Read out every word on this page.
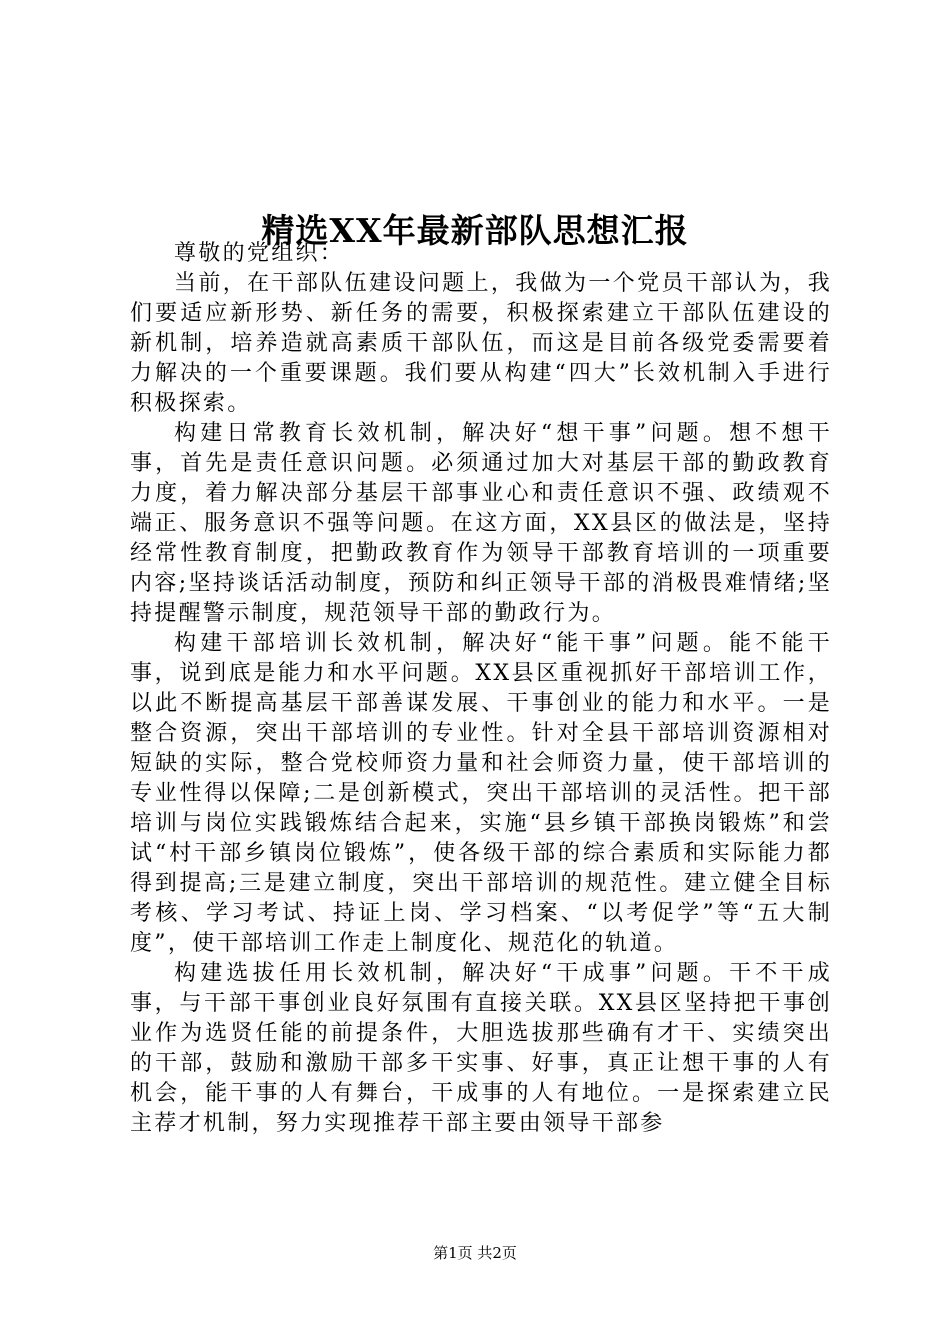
精选XX年最新部队思想汇报

尊敬的党组织：

当前，在干部队伍建设问题上，我做为一个党员干部认为，我们要适应新形势、新任务的需要，积极探索建立干部队伍建设的新机制，培养造就高素质干部队伍，而这是目前各级党委需要着力解决的一个重要课题。我们要从构建“四大”长效机制入手进行积极探索。

构建日常教育长效机制，解决好“想干事”问题。想不想干事，首先是责任意识问题。必须通过加大对基层干部的勤政教育力度，着力解决部分基层干部事业心和责任意识不强、政绩观不端正、服务意识不强等问题。在这方面，XX县区的做法是，坚持经常性教育制度，把勤政教育作为领导干部教育培训的一项重要内容;坚持谈话活动制度，预防和纠正领导干部的消极畏难情绪;坚持提醒警示制度，规范领导干部的勤政行为。

构建干部培训长效机制，解决好“能干事”问题。能不能干事，说到底是能力和水平问题。XX县区重视抓好干部培训工作，以此不断提高基层干部善谋发展、干事创业的能力和水平。一是整合资源，突出干部培训的专业性。针对全县干部培训资源相对短缺的实际，整合党校师资力量和社会师资力量，使干部培训的专业性得以保障;二是创新模式，突出干部培训的灵活性。把干部培训与岗位实践锻炼结合起来，实施“县乡镇干部换岗锻炼”和尝试“村干部乡镇岗位锻炼”，使各级干部的综合素质和实际能力都得到提高;三是建立制度，突出干部培训的规范性。建立健全目标考核、学习考试、持证上岗、学习档案、“以考促学”等“五大制度”，使干部培训工作走上制度化、规范化的轨道。

构建选拔任用长效机制，解决好“干成事”问题。干不干成事，与干部干事创业良好氛围有直接关联。XX县区坚持把干事创业作为选贤任能的前提条件，大胆选拔那些确有才干、实绩突出的干部，鼓励和激励干部多干实事、好事，真正让想干事的人有机会，能干事的人有舞台，干成事的人有地位。一是探索建立民主荐才机制，努力实现推荐干部主要由领导干部参

第1页 共2页
